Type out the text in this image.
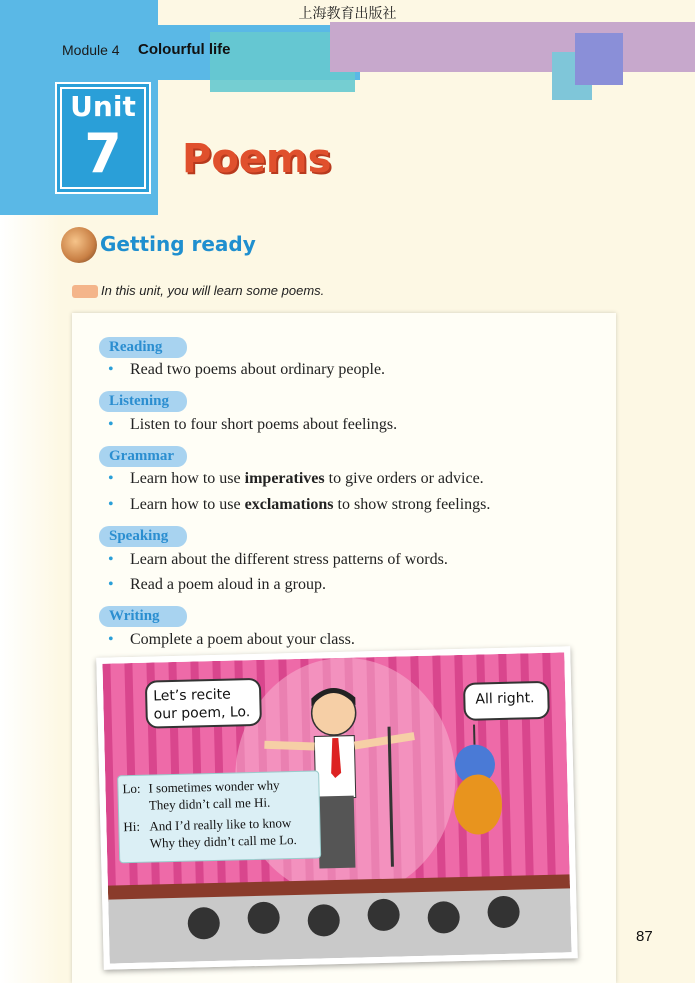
上海教育出版社
Module 4 Colourful life
Unit
7	Poems
Getting ready
In this unit, you will learn some poems.
Reading
• Read two poems about ordinary people.
Listening
• Listen to four short poems about feelings.
Grammar
• Learn how to use imperatives to give orders or advice.
• Learn how to use exclamations to show strong feelings.
Speaking
• Learn about the different stress patterns of words.
• Read a poem aloud in a group.
Writing
• Complete a poem about your class.
Let’s recite our poem, Lo.
All right.
Lo: I sometimes wonder why
They didn’t call me Hi.
Hi: And I’d really like to know
Why they didn’t call me Lo.
87
